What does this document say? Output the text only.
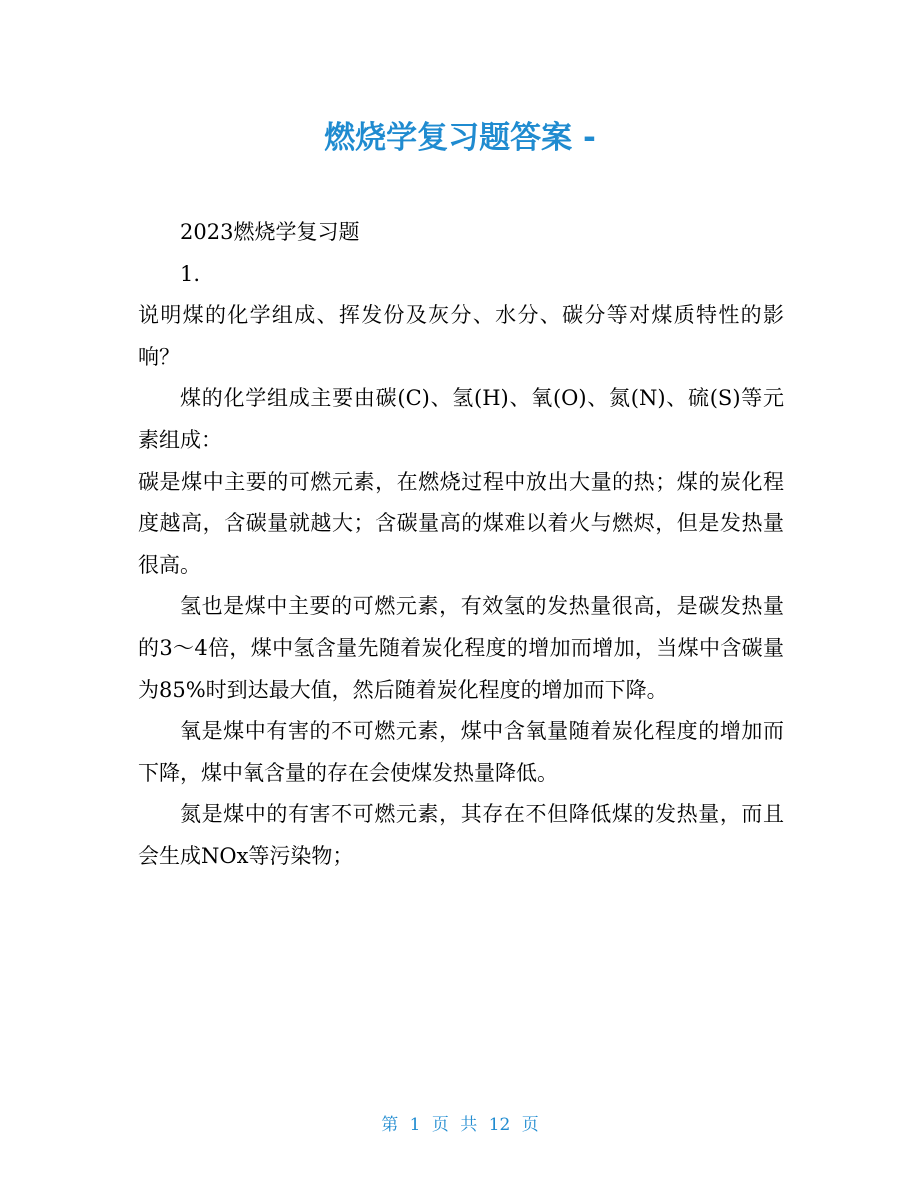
燃烧学复习题答案 -

2023燃烧学复习题

1.

说明煤的化学组成、挥发份及灰分、水分、碳分等对煤质特性的影响？

煤的化学组成主要由碳(C)、氢(H)、氧(O)、氮(N)、硫(S)等元素组成：

碳是煤中主要的可燃元素，在燃烧过程中放出大量的热；煤的炭化程度越高，含碳量就越大；含碳量高的煤难以着火与燃烬，但是发热量很高。

氢也是煤中主要的可燃元素，有效氢的发热量很高，是碳发热量的3～4倍，煤中氢含量先随着炭化程度的增加而增加，当煤中含碳量为85%时到达最大值，然后随着炭化程度的增加而下降。

氧是煤中有害的不可燃元素，煤中含氧量随着炭化程度的增加而下降，煤中氧含量的存在会使煤发热量降低。

氮是煤中的有害不可燃元素，其存在不但降低煤的发热量，而且会生成NOx等污染物；

第 1 页 共 12 页
